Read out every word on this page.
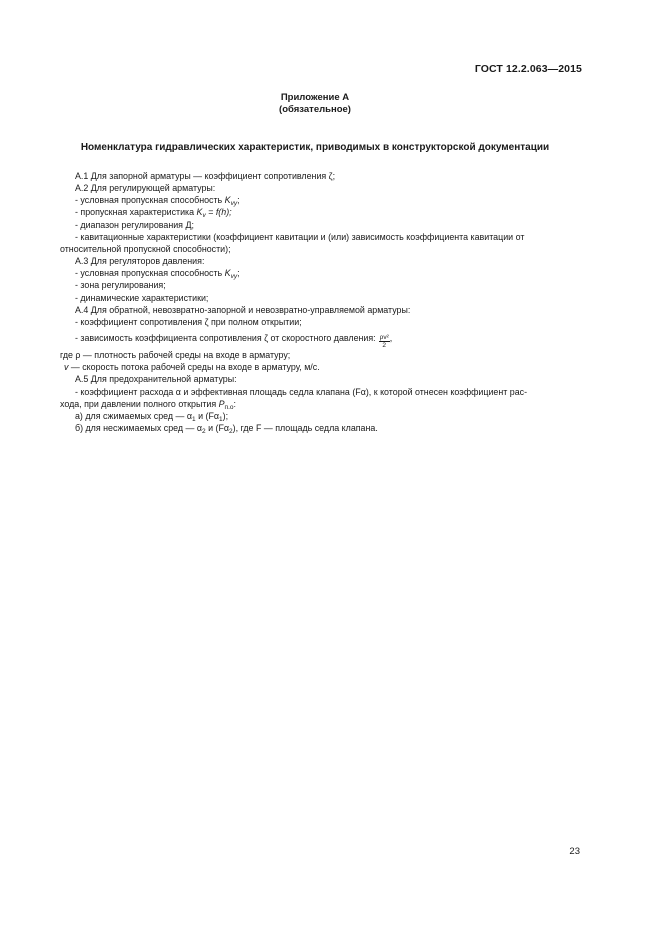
ГОСТ 12.2.063—2015
Приложение А
(обязательное)
Номенклатура гидравлических характеристик, приводимых в конструкторской документации
А.1 Для запорной арматуры — коэффициент сопротивления ζ;
А.2 Для регулирующей арматуры:
- условная пропускная способность $K_{vy}$;
- пропускная характеристика $K_v = f(h)$;
- диапазон регулирования Д;
- кавитационные характеристики (коэффициент кавитации и (или) зависимость коэффициента кавитации от
относительной пропускной способности);
А.3 Для регуляторов давления:
- условная пропускная способность $K_{vy}$;
- зона регулирования;
- динамические характеристики;
А.4 Для обратной, невозвратно-запорной и невозвратно-управляемой арматуры:
- коэффициент сопротивления ζ при полном открытии;
- зависимость коэффициента сопротивления ζ от скоростного давления: $\frac{\text{ρv²}}{2}$ ,
где ρ — плотность рабочей среды на входе в арматуру;
v — скорость потока рабочей среды на входе в арматуру, м/с.
А.5 Для предохранительной арматуры:
- коэффициент расхода α и эффективная площадь седла клапана (Fα), к которой отнесен коэффициент рас-
хода, при давлении полного открытия $P_{п.о}$:
а) для сжимаемых сред — $\alpha_1$ и $(F\alpha_1)$;
б) для несжимаемых сред — $\alpha_2$ и $(F\alpha_2)$, где F — площадь седла клапана.
23
